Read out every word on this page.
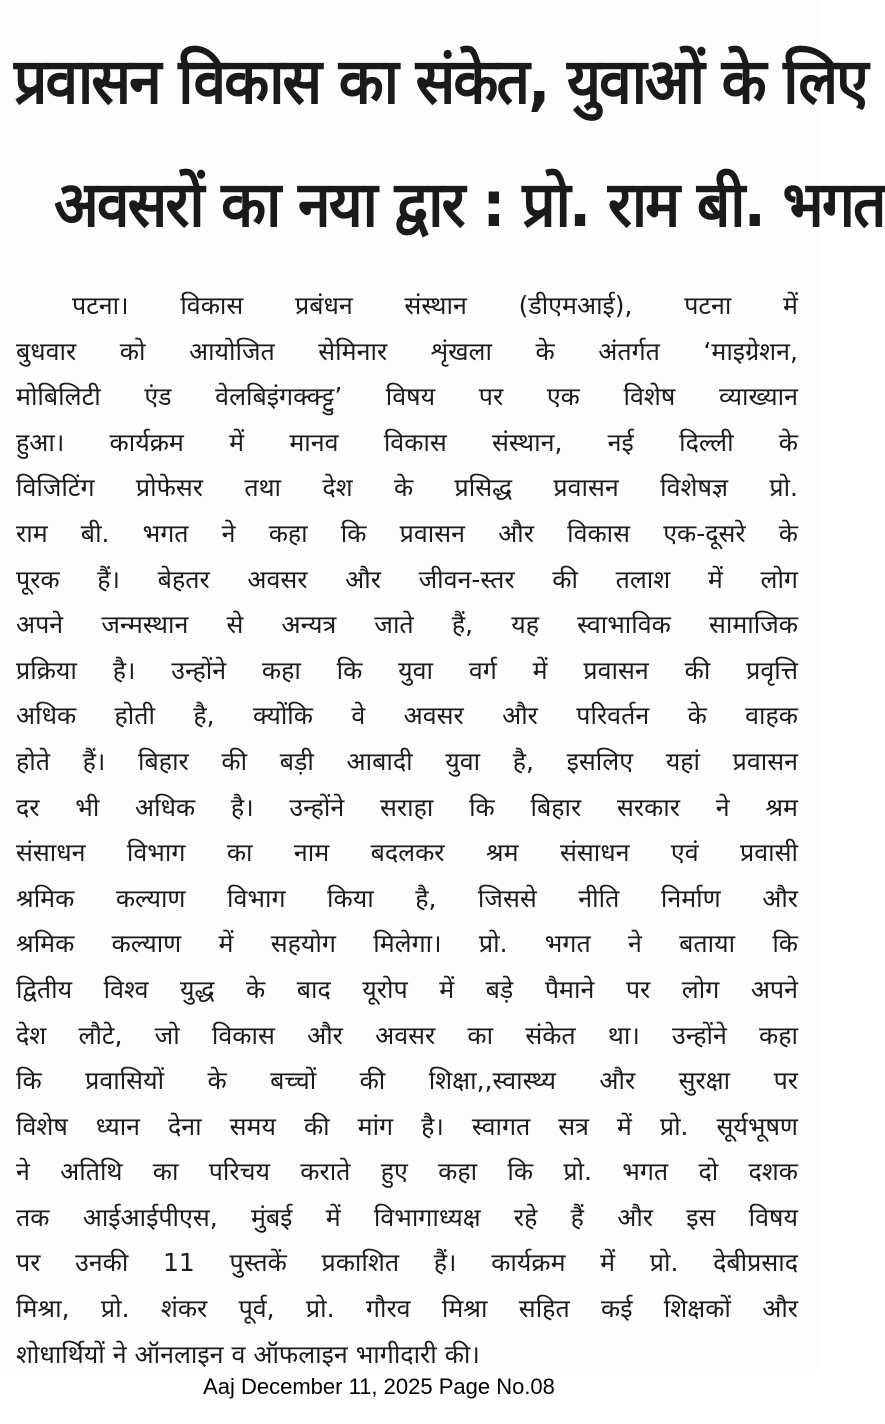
प्रवासन विकास का संकेत, युवाओं के लिए
अवसरों का नया द्वार : प्रो. राम बी. भगत
पटना। विकास प्रबंधन संस्थान (डीएमआई), पटना में
बुधवार को आयोजित सेमिनार शृंखला के अंतर्गत ‘माइग्रेशन,
मोबिलिटी एंड वेलबिइंगक्क्ट्टु’ विषय पर एक विशेष व्याख्यान
हुआ। कार्यक्रम में मानव विकास संस्थान, नई दिल्ली के
विजिटिंग प्रोफेसर तथा देश के प्रसिद्ध प्रवासन विशेषज्ञ प्रो.
राम बी. भगत ने कहा कि प्रवासन और विकास एक-दूसरे के
पूरक हैं। बेहतर अवसर और जीवन-स्तर की तलाश में लोग
अपने जन्मस्थान से अन्यत्र जाते हैं, यह स्वाभाविक सामाजिक
प्रक्रिया है। उन्होंने कहा कि युवा वर्ग में प्रवासन की प्रवृत्ति
अधिक होती है, क्योंकि वे अवसर और परिवर्तन के वाहक
होते हैं। बिहार की बड़ी आबादी युवा है, इसलिए यहां प्रवासन
दर भी अधिक है। उन्होंने सराहा कि बिहार सरकार ने श्रम
संसाधन विभाग का नाम बदलकर श्रम संसाधन एवं प्रवासी
श्रमिक कल्याण विभाग किया है, जिससे नीति निर्माण और
श्रमिक कल्याण में सहयोग मिलेगा। प्रो. भगत ने बताया कि
द्वितीय विश्व युद्ध के बाद यूरोप में बड़े पैमाने पर लोग अपने
देश लौटे, जो विकास और अवसर का संकेत था। उन्होंने कहा
कि प्रवासियों के बच्चों की शिक्षा,,स्वास्थ्य और सुरक्षा पर
विशेष ध्यान देना समय की मांग है। स्वागत सत्र में प्रो. सूर्यभूषण
ने अतिथि का परिचय कराते हुए कहा कि प्रो. भगत दो दशक
तक आईआईपीएस, मुंबई में विभागाध्यक्ष रहे हैं और इस विषय
पर उनकी 11 पुस्तकें प्रकाशित हैं। कार्यक्रम में प्रो. देबीप्रसाद
मिश्रा, प्रो. शंकर पूर्व, प्रो. गौरव मिश्रा सहित कई शिक्षकों और
शोधार्थियों ने ऑनलाइन व ऑफलाइन भागीदारी की।
Aaj December 11, 2025 Page No.08
